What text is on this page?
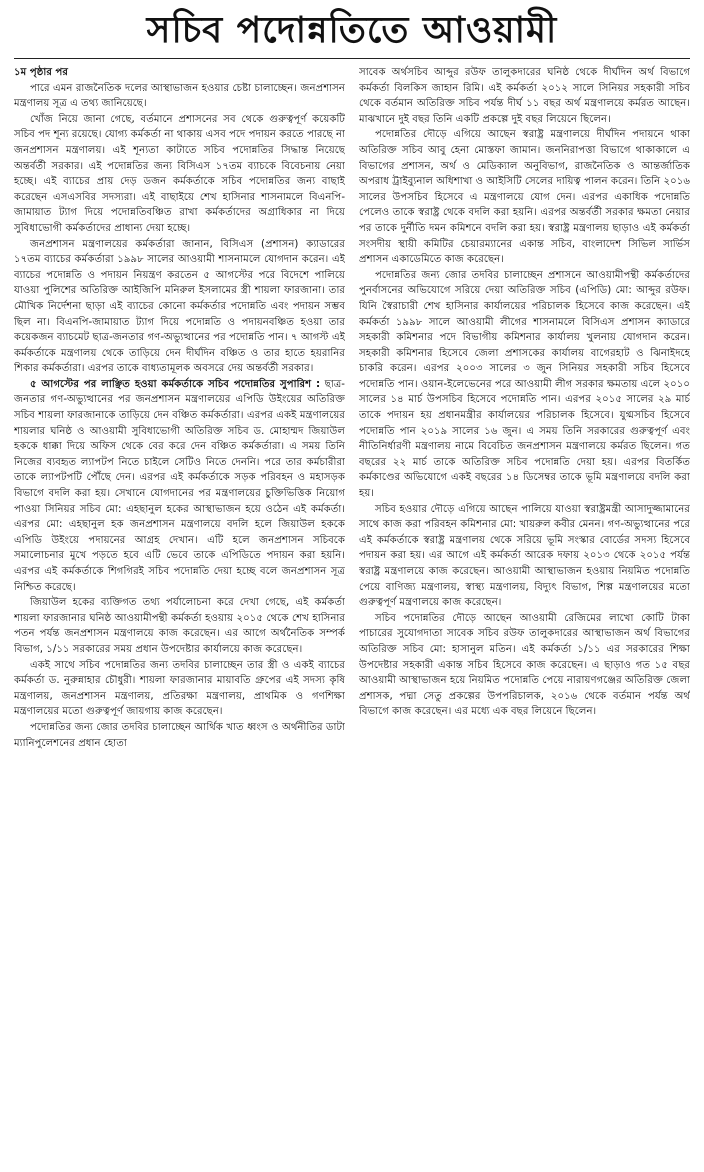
সচিব পদোন্নতিতে আওয়ামী

১ম পৃষ্ঠার পর

পারে এমন রাজনৈতিক দলের আস্থাভাজন হওয়ার চেষ্টা চালাচ্ছেন। জনপ্রশাসন মন্ত্রণালয় সূত্র এ তথ্য জানিয়েছে।

খোঁজ নিয়ে জানা গেছে, বর্তমানে প্রশাসনের সব থেকে গুরুত্বপূর্ণ কয়েকটি সচিব পদ শূন্য রয়েছে। যোগ্য কর্মকর্তা না থাকায় এসব পদে পদায়ন করতে পারছে না জনপ্রশাসন মন্ত্রণালয়। এই শূন্যতা কাটাতে সচিব পদোন্নতির সিদ্ধান্ত নিয়েছে অন্তর্বর্তী সরকার। এই পদোন্নতির জন্য বিসিএস ১৭তম ব্যাচকে বিবেচনায় নেয়া হচ্ছে। এই ব্যাচের প্রায় দেড় ডজন কর্মকর্তাকে সচিব পদোন্নতির জন্য বাছাই করেছেন এসএসবির সদস্যরা। এই বাছাইয়ে শেখ হাসিনার শাসনামলে বিএনপি-জামায়াত ট্যাগ দিয়ে পদোন্নতিবঞ্চিত রাখা কর্মকর্তাদের অগ্রাধিকার না দিয়ে সুবিধাভোগী কর্মকর্তাদের প্রাধান্য দেয়া হচ্ছে।

জনপ্রশাসন মন্ত্রণালয়ের কর্মকর্তারা জানান, বিসিএস (প্রশাসন) ক্যাডারের ১৭তম ব্যাচের কর্মকর্তারা ১৯৯৮ সালের আওয়ামী শাসনামলে যোগদান করেন। এই ব্যাচের পদোন্নতি ও পদায়ন নিয়ন্ত্রণ করতেন ৫ আগস্টের পরে বিদেশে পালিয়ে যাওয়া পুলিশের অতিরিক্ত আইজিপি মনিরুল ইসলামের স্ত্রী শায়লা ফারজানা। তার মৌখিক নির্দেশনা ছাড়া এই ব্যাচের কোনো কর্মকর্তার পদোন্নতি এবং পদায়ন সম্ভব ছিল না। বিএনপি-জামায়াত ট্যাগ দিয়ে পদোন্নতি ও পদায়নবঞ্চিত হওয়া তার কয়েকজন ব্যাচমেট ছাত্র-জনতার গণ-অভ্যুত্থানের পর পদোন্নতি পান। ৭ আগস্ট এই কর্মকর্তাকে মন্ত্রণালয় থেকে তাড়িয়ে দেন দীর্ঘদিন বঞ্চিত ও তার হাতে হয়রানির শিকার কর্মকর্তারা। এরপর তাকে বাধ্যতামূলক অবসরে দেয় অন্তর্বর্তী সরকার।

৫ আগস্টের পর লাঞ্ছিত হওয়া কর্মকর্তাকে সচিব পদোন্নতির সুপারিশ : ছাত্র-জনতার গণ-অভ্যুত্থানের পর জনপ্রশাসন মন্ত্রণালয়ের এপিডি উইংয়ের অতিরিক্ত সচিব শায়লা ফারজানাকে তাড়িয়ে দেন বঞ্চিত কর্মকর্তারা। এরপর একই মন্ত্রণালয়ের শায়লার ঘনিষ্ঠ ও আওয়ামী সুবিধাভোগী অতিরিক্ত সচিব ড. মোহাম্মদ জিয়াউল হককে ধাক্কা দিয়ে অফিস থেকে বের করে দেন বঞ্চিত কর্মকর্তারা। এ সময় তিনি নিজের ব্যবহৃত ল্যাপটপ নিতে চাইলে সেটিও নিতে দেননি। পরে তার কর্মচারীরা তাকে ল্যাপটপটি পৌঁছে দেন। এরপর এই কর্মকর্তাকে সড়ক পরিবহন ও মহাসড়ক বিভাগে বদলি করা হয়। সেখানে যোগদানের পর মন্ত্রণালয়ের চুক্তিভিত্তিক নিয়োগ পাওয়া সিনিয়র সচিব মো: এহছানুল হকের আস্থাভাজন হয়ে ওঠেন এই কর্মকর্তা। এরপর মো: এহছানুল হক জনপ্রশাসন মন্ত্রণালয়ে বদলি হলে জিয়াউল হককে এপিডি উইংয়ে পদায়নের আগ্রহ দেখান। এটি হলে জনপ্রশাসন সচিবকে সমালোচনার মুখে পড়তে হবে এটি ভেবে তাকে এপিডিতে পদায়ন করা হয়নি। এরপর এই কর্মকর্তাকে শিগগিরই সচিব পদোন্নতি দেয়া হচ্ছে বলে জনপ্রশাসন সূত্র নিশ্চিত করেছে।

জিয়াউল হকের ব্যক্তিগত তথ্য পর্যালোচনা করে দেখা গেছে, এই কর্মকর্তা শায়লা ফারজানার ঘনিষ্ঠ আওয়ামীপন্থী কর্মকর্তা হওয়ায় ২০১৫ থেকে শেখ হাসিনার পতন পর্যন্ত জনপ্রশাসন মন্ত্রণালয়ে কাজ করেছেন। এর আগে অর্থনৈতিক সম্পর্ক বিভাগ, ১/১১ সরকারের সময় প্রধান উপদেষ্টার কার্যালয়ে কাজ করেছেন।

একই সাথে সচিব পদোন্নতির জন্য তদবির চালাচ্ছেন তার স্ত্রী ও একই ব্যাচের কর্মকর্তা ড. নুরুন্নাহার চৌধুরী। শায়লা ফারজানার মায়াবতি গ্রুপের এই সদস্য কৃষি মন্ত্রণালয়, জনপ্রশাসন মন্ত্রণালয়, প্রতিরক্ষা মন্ত্রণালয়, প্রাথমিক ও গণশিক্ষা মন্ত্রণালয়ের মতো গুরুত্বপূর্ণ জায়গায় কাজ করেছেন।

পদোন্নতির জন্য জোর তদবির চালাচ্ছেন আর্থিক খাত ধ্বংস ও অর্থনীতির ডাটা ম্যানিপুলেশনের প্রধান হোতা

সাবেক অর্থসচিব আব্দুর রউফ তালুকদারের ঘনিষ্ঠ থেকে দীর্ঘদিন অর্থ বিভাগে কর্মকর্তা বিলকিস জাহান রিমি। এই কর্মকর্তা ২০১২ সালে সিনিয়র সহকারী সচিব থেকে বর্তমান অতিরিক্ত সচিব পর্যন্ত দীর্ঘ ১১ বছর অর্থ মন্ত্রণালয়ে কর্মরত আছেন। মাঝখানে দুই বছর তিনি একটি প্রকল্পে দুই বছর লিয়েনে ছিলেন।

পদোন্নতির দৌড়ে এগিয়ে আছেন স্বরাষ্ট্র মন্ত্রণালয়ে দীর্ঘদিন পদায়নে থাকা অতিরিক্ত সচিব আবু হেনা মোস্তফা জামান। জননিরাপত্তা বিভাগে থাকাকালে এ বিভাগের প্রশাসন, অর্থ ও মেডিক্যাল অনুবিভাগ, রাজনৈতিক ও আন্তর্জাতিক অপরাধ ট্রাইব্যুনাল অধিশাখা ও আইসিটি সেলের দায়িত্ব পালন করেন। তিনি ২০১৬ সালের উপসচিব হিসেবে এ মন্ত্রণালয়ে যোগ দেন। এরপর একাধিক পদোন্নতি পেলেও তাকে স্বরাষ্ট্র থেকে বদলি করা হয়নি। এরপর অন্তর্বর্তী সরকার ক্ষমতা নেয়ার পর তাকে দুর্নীতি দমন কমিশনে বদলি করা হয়। স্বরাষ্ট্র মন্ত্রণালয় ছাড়াও এই কর্মকর্তা সংসদীয় স্থায়ী কমিটির চেয়ারম্যানের একান্ত সচিব, বাংলাদেশ সিভিল সার্ভিস প্রশাসন একাডেমিতে কাজ করেছেন।

পদোন্নতির জন্য জোর তদবির চালাচ্ছেন প্রশাসনে আওয়ামীপন্থী কর্মকর্তাদের পুনর্বাসনের অভিযোগে সরিয়ে দেয়া অতিরিক্ত সচিব (এপিডি) মো: আব্দুর রউফ। যিনি স্বৈরাচারী শেখ হাসিনার কার্যালয়ের পরিচালক হিসেবে কাজ করেছেন। এই কর্মকর্তা ১৯৯৮ সালে আওয়ামী লীগের শাসনামলে বিসিএস প্রশাসন ক্যাডারে সহকারী কমিশনার পদে বিভাগীয় কমিশনার কার্যালয় খুলনায় যোগদান করেন। সহকারী কমিশনার হিসেবে জেলা প্রশাসকের কার্যালয় বাগেরহাট ও ঝিনাইদহে চাকরি করেন। এরপর ২০০৩ সালের ৩ জুন সিনিয়র সহকারী সচিব হিসেবে পদোন্নতি পান। ওয়ান-ইলেভেনের পরে আওয়ামী লীগ সরকার ক্ষমতায় এলে ২০১০ সালের ১৪ মার্চ উপসচিব হিসেবে পদোন্নতি পান। এরপর ২০১৫ সালের ২৯ মার্চ তাকে পদায়ন হয় প্রধানমন্ত্রীর কার্যালয়ের পরিচালক হিসেবে। যুগ্মসচিব হিসেবে পদোন্নতি পান ২০১৯ সালের ১৬ জুন। এ সময় তিনি সরকারের গুরুত্বপূর্ণ এবং নীতিনির্ধারণী মন্ত্রণালয় নামে বিবেচিত জনপ্রশাসন মন্ত্রণালয়ে কর্মরত ছিলেন। গত বছরের ২২ মার্চ তাকে অতিরিক্ত সচিব পদোন্নতি দেয়া হয়। এরপর বিতর্কিত কর্মকাণ্ডের অভিযোগে একই বছরের ১৪ ডিসেম্বর তাকে ভূমি মন্ত্রণালয়ে বদলি করা হয়।

সচিব হওয়ার দৌড়ে এগিয়ে আছেন পালিয়ে যাওয়া স্বরাষ্ট্রমন্ত্রী আসাদুজ্জামানের সাথে কাজ করা পরিবহন কমিশনার মো: খায়রুল কবীর মেনন। গণ-অভ্যুত্থানের পরে এই কর্মকর্তাকে স্বরাষ্ট্র মন্ত্রণালয় থেকে সরিয়ে ভূমি সংস্কার বোর্ডের সদস্য হিসেবে পদায়ন করা হয়। এর আগে এই কর্মকর্তা আরেক দফায় ২০১৩ থেকে ২০১৫ পর্যন্ত স্বরাষ্ট্র মন্ত্রণালয়ে কাজ করেছেন। আওয়ামী আস্থাভাজন হওয়ায় নিয়মিত পদোন্নতি পেয়ে বাণিজ্য মন্ত্রণালয়, স্বাস্থ্য মন্ত্রণালয়, বিদ্যুৎ বিভাগ, শিল্প মন্ত্রণালয়ের মতো গুরুত্বপূর্ণ মন্ত্রণালয়ে কাজ করেছেন।

সচিব পদোন্নতির দৌড়ে আছেন আওয়ামী রেজিমের লাখো কোটি টাকা পাচারের সুযোগদাতা সাবেক সচিব রউফ তালুকদারের আস্থাভাজন অর্থ বিভাগের অতিরিক্ত সচিব মো: হাসানুল মতিন। এই কর্মকর্তা ১/১১ এর সরকারের শিক্ষা উপদেষ্টার সহকারী একান্ত সচিব হিসেবে কাজ করেছেন। এ ছাড়াও গত ১৫ বছর আওয়ামী আস্থাভাজন হয়ে নিয়মিত পদোন্নতি পেয়ে নারায়ণগঞ্জের অতিরিক্ত জেলা প্রশাসক, পদ্মা সেতু প্রকল্পের উপপরিচালক, ২০১৬ থেকে বর্তমান পর্যন্ত অর্থ বিভাগে কাজ করেছেন। এর মধ্যে এক বছর লিয়েনে ছিলেন।
